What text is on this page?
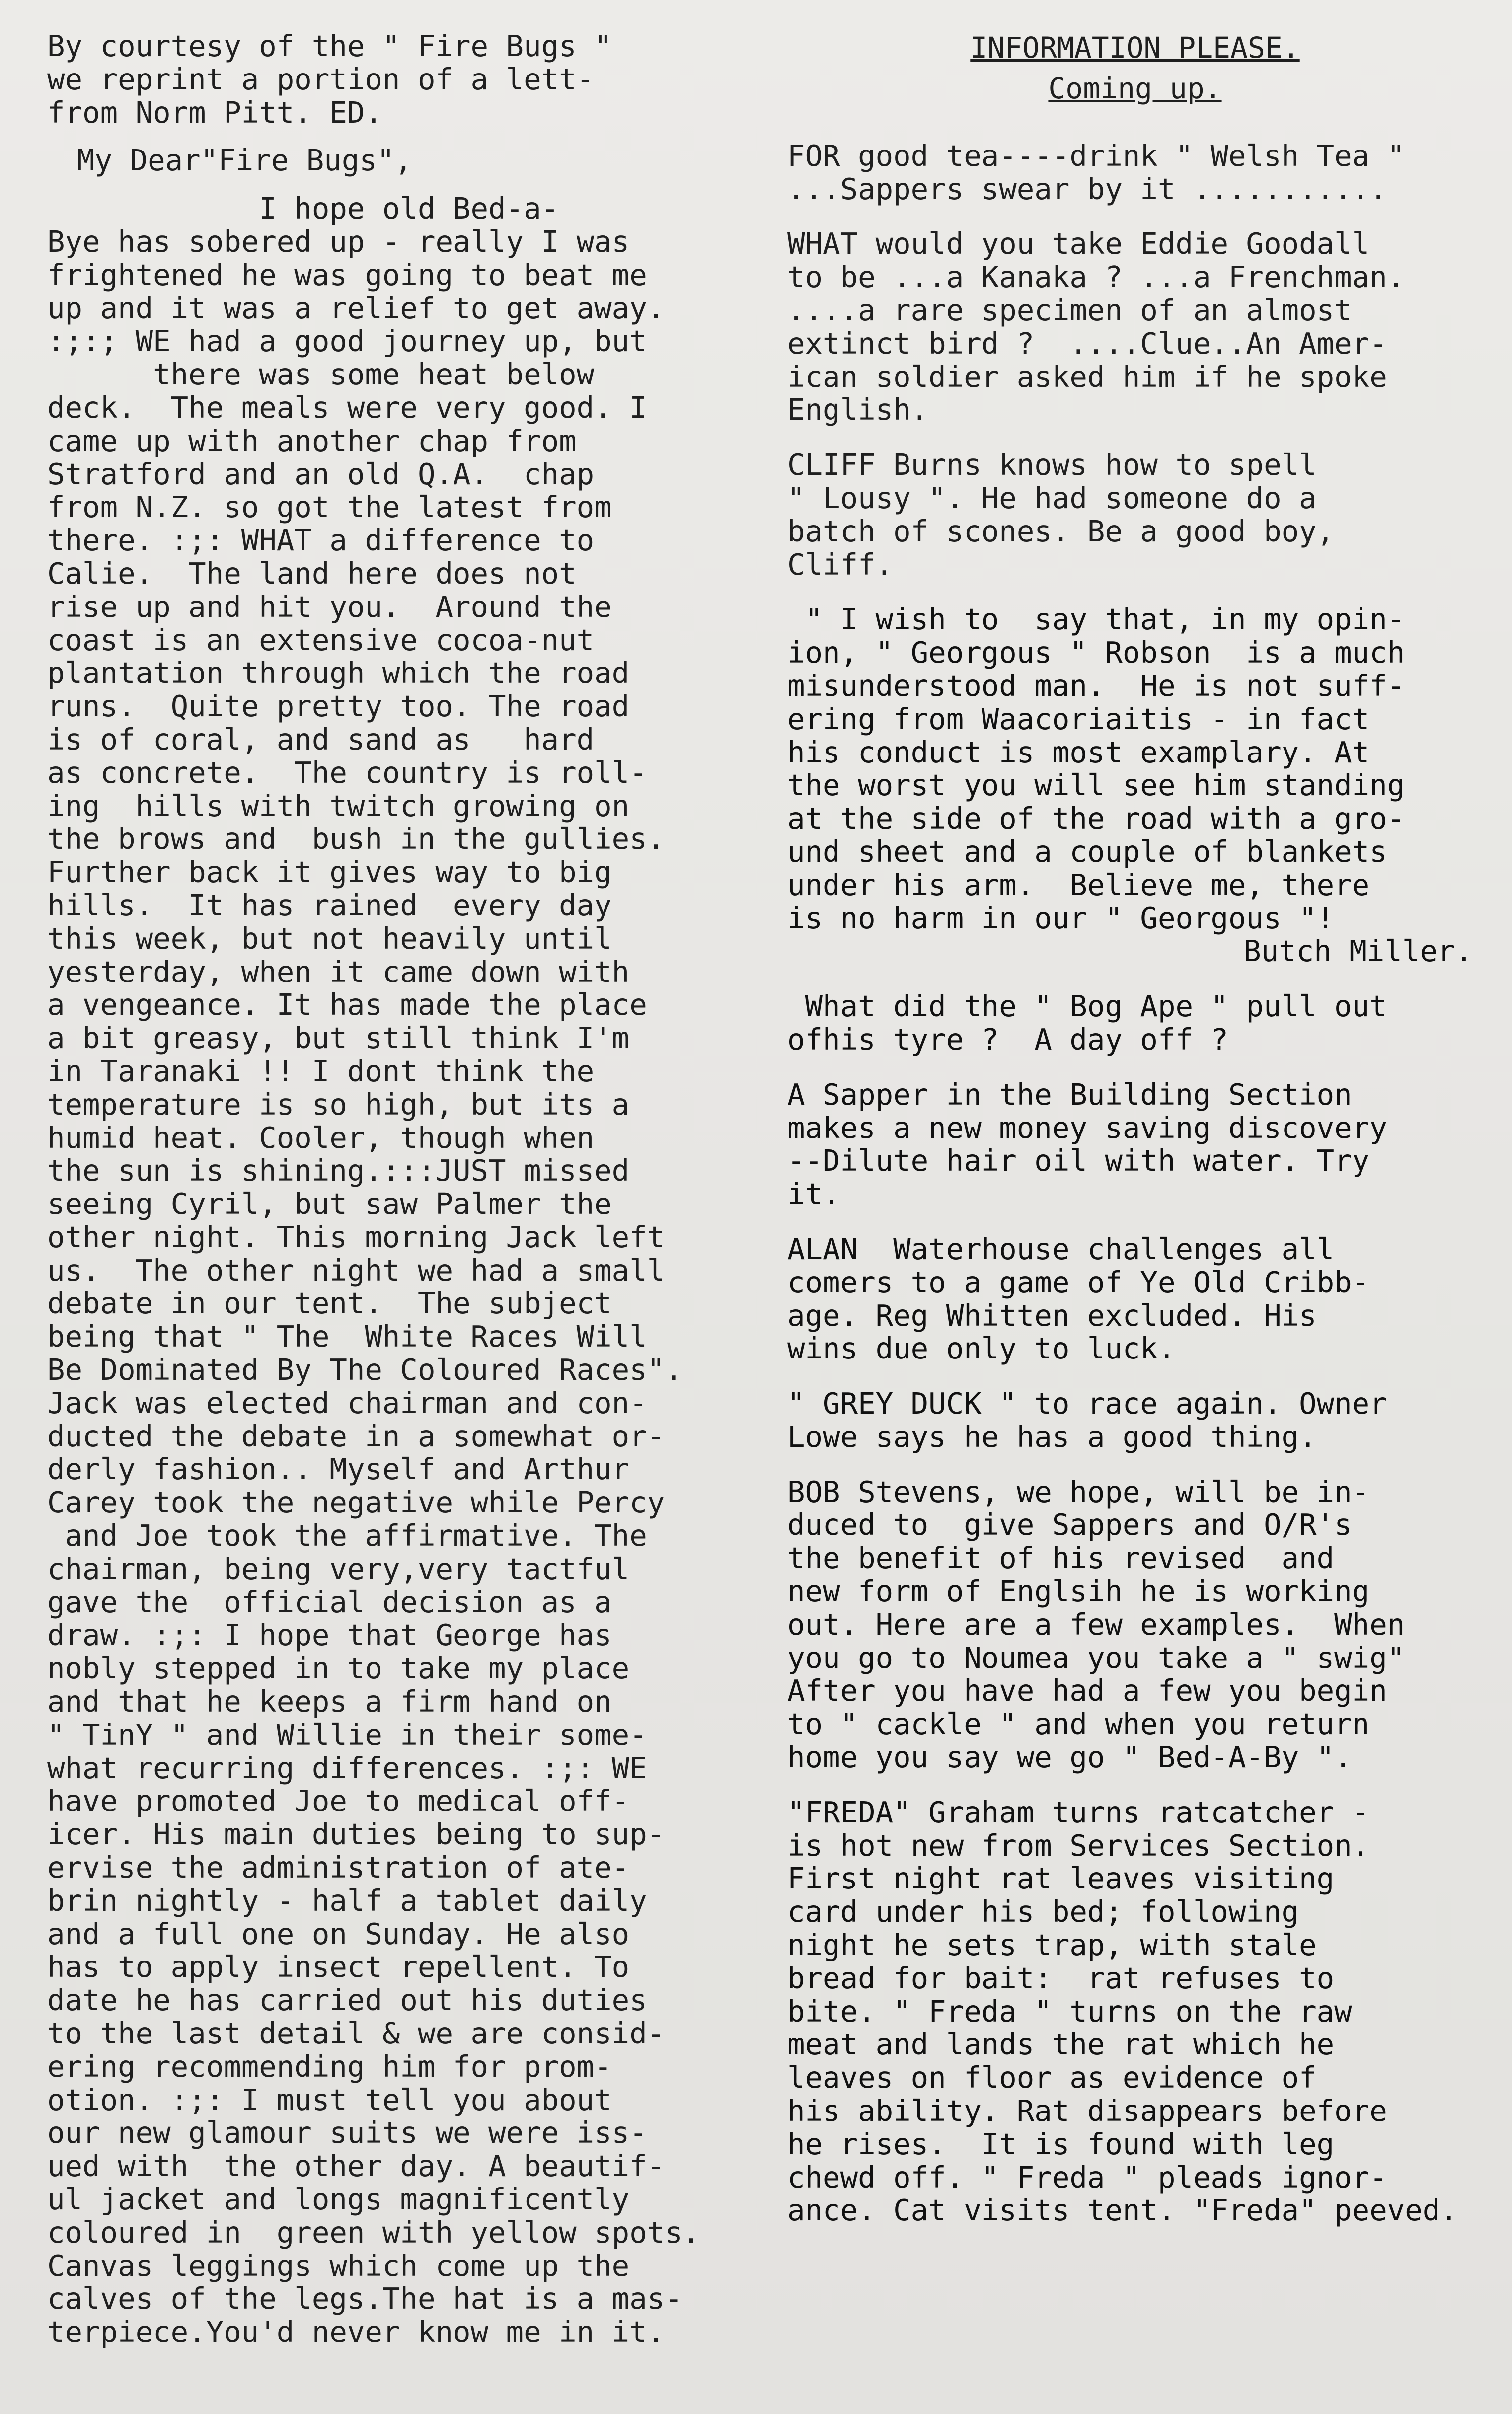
By courtesy of the " Fire Bugs "
we reprint a portion of a lett-
from Norm Pitt. ED.
My Dear"Fire Bugs",
I hope old Bed-a-
Bye has sobered up - really I was
frightened he was going to beat me
up and it was a relief to get away.
:;:; WE had a good journey up, but
there was some heat below
deck.  The meals were very good. I
came up with another chap from
Stratford and an old Q.A.  chap
from N.Z. so got the latest from
there. :;: WHAT a difference to
Calie.  The land here does not
rise up and hit you.  Around the
coast is an extensive cocoa-nut
plantation through which the road
runs.  Quite pretty too. The road
is of coral, and sand as   hard
as concrete.  The country is roll-
ing  hills with twitch growing on
the brows and  bush in the gullies.
Further back it gives way to big
hills.  It has rained  every day
this week, but not heavily until
yesterday, when it came down with
a vengeance. It has made the place
a bit greasy, but still think I'm
in Taranaki !! I dont think the
temperature is so high, but its a
humid heat. Cooler, though when
the sun is shining.:::JUST missed
seeing Cyril, but saw Palmer the
other night. This morning Jack left
us.  The other night we had a small
debate in our tent.  The subject
being that " The  White Races Will
Be Dominated By The Coloured Races".
Jack was elected chairman and con-
ducted the debate in a somewhat or-
derly fashion.. Myself and Arthur
Carey took the negative while Percy
and Joe took the affirmative. The
chairman, being very,very tactful
gave the  official decision as a
draw. :;: I hope that George has
nobly stepped in to take my place
and that he keeps a firm hand on
" TinY " and Willie in their some-
what recurring differences. :;: WE
have promoted Joe to medical off-
icer. His main duties being to sup-
ervise the administration of ate-
brin nightly - half a tablet daily
and a full one on Sunday. He also
has to apply insect repellent. To
date he has carried out his duties
to the last detail & we are consid-
ering recommending him for prom-
otion. :;: I must tell you about
our new glamour suits we were iss-
ued with  the other day. A beautif-
ul jacket and longs magnificently
coloured in  green with yellow spots.
Canvas leggings which come up the
calves of the legs.The hat is a mas-
terpiece.You'd never know me in it.
INFORMATION PLEASE.
Coming up.
FOR good tea----drink " Welsh Tea "
...Sappers swear by it ...........
WHAT would you take Eddie Goodall
to be ...a Kanaka ? ...a Frenchman.
....a rare specimen of an almost
extinct bird ?  ....Clue..An Amer-
ican soldier asked him if he spoke
English.
CLIFF Burns knows how to spell
" Lousy ". He had someone do a
batch of scones. Be a good boy,
Cliff.
" I wish to  say that, in my opin-
ion, " Georgous " Robson  is a much
misunderstood man.  He is not suff-
ering from Waacoriaitis - in fact
his conduct is most examplary. At
the worst you will see him standing
at the side of the road with a gro-
und sheet and a couple of blankets
under his arm.  Believe me, there
is no harm in our " Georgous "!
Butch Miller.
What did the " Bog Ape " pull out
ofhis tyre ?  A day off ?
A Sapper in the Building Section
makes a new money saving discovery
--Dilute hair oil with water. Try
it.
ALAN  Waterhouse challenges all
comers to a game of Ye Old Cribb-
age. Reg Whitten excluded. His
wins due only to luck.
" GREY DUCK " to race again. Owner
Lowe says he has a good thing.
BOB Stevens, we hope, will be in-
duced to  give Sappers and O/R's
the benefit of his revised  and
new form of Englsih he is working
out. Here are a few examples.  When
you go to Noumea you take a " swig"
After you have had a few you begin
to " cackle " and when you return
home you say we go " Bed-A-By ".
"FREDA" Graham turns ratcatcher -
is hot new from Services Section.
First night rat leaves visiting
card under his bed; following
night he sets trap, with stale
bread for bait:  rat refuses to
bite. " Freda " turns on the raw
meat and lands the rat which he
leaves on floor as evidence of
his ability. Rat disappears before
he rises.  It is found with leg
chewd off. " Freda " pleads ignor-
ance. Cat visits tent. "Freda" peeved.
